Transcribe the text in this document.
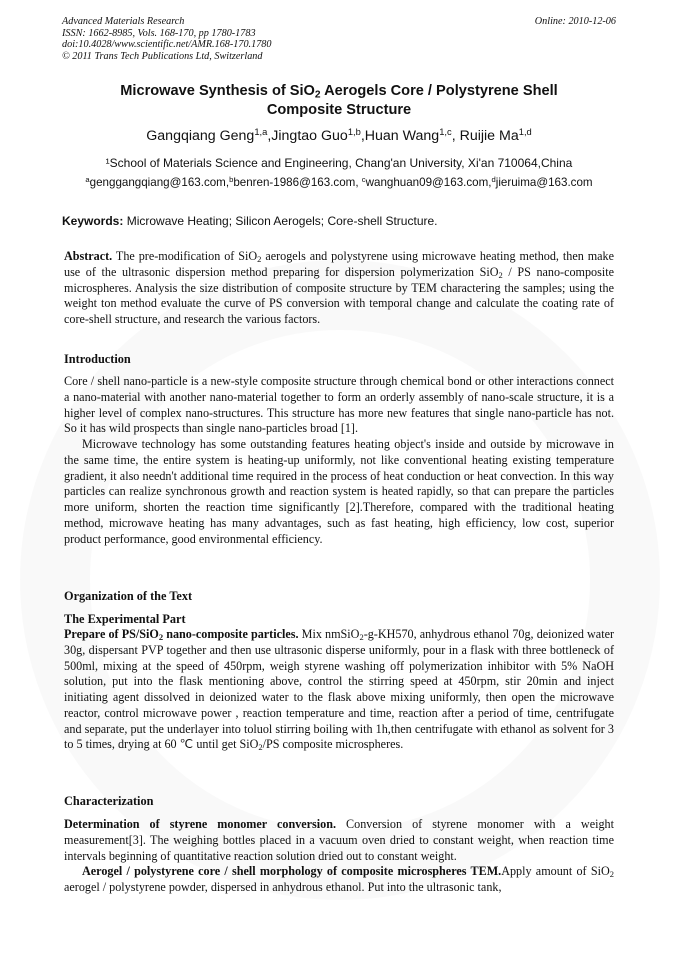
Advanced Materials Research
ISSN: 1662-8985, Vols. 168-170, pp 1780-1783
doi:10.4028/www.scientific.net/AMR.168-170.1780
© 2011 Trans Tech Publications Ltd, Switzerland
Online: 2010-12-06
Microwave Synthesis of SiO$_2$ Aerogels Core / Polystyrene Shell
Composite Structure
Gangqiang Geng$^{1,a}$,Jingtao Guo$^{1,b}$,Huan Wang$^{1,c}$, Ruijie Ma$^{1,d}$
¹School of Materials Science and Engineering, Chang'an University, Xi'an 710064,China
$^a$genggangqiang@163.com,$^b$benren-1986@163.com, $^c$wanghuan09@163.com,$^d$jieruima@163.com
Keywords: Microwave Heating; Silicon Aerogels; Core-shell Structure.

Abstract. The pre-modification of SiO$_2$ aerogels and polystyrene using microwave heating method, then make use of the ultrasonic dispersion method preparing for dispersion polymerization SiO$_2$ / PS nano-composite microspheres. Analysis the size distribution of composite structure by TEM charactering the samples; using the weight ton method evaluate the curve of PS conversion with temporal change and calculate the coating rate of core-shell structure, and research the various factors.

Introduction

Core / shell nano-particle is a new-style composite structure through chemical bond or other interactions connect a nano-material with another nano-material together to form an orderly assembly of nano-scale structure, it is a higher level of complex nano-structures. This structure has more new features that single nano-particle has not. So it has wild prospects than single nano-particles broad [1].

Microwave technology has some outstanding features heating object's inside and outside by microwave in the same time, the entire system is heating-up uniformly, not like conventional heating existing temperature gradient, it also needn't additional time required in the process of heat conduction or heat convection. In this way particles can realize synchronous growth and reaction system is heated rapidly, so that can prepare the particles more uniform, shorten the reaction time significantly [2].Therefore, compared with the traditional heating method, microwave heating has many advantages, such as fast heating, high efficiency, low cost, superior product performance, good environmental efficiency.

Organization of the Text
The Experimental Part

Prepare of PS/SiO$_2$ nano-composite particles. Mix nmSiO$_2$-g-KH570, anhydrous ethanol 70g, deionized water 30g, dispersant PVP together and then use ultrasonic disperse uniformly, pour in a flask with three bottleneck of 500ml, mixing at the speed of 450rpm, weigh styrene washing off polymerization inhibitor with 5% NaOH solution, put into the flask mentioning above, control the stirring speed at 450rpm, stir 20min and inject initiating agent dissolved in deionized water to the flask above mixing uniformly, then open the microwave reactor, control microwave power , reaction temperature and time, reaction after a period of time, centrifugate and separate, put the underlayer into toluol stirring boiling with 1h,then centrifugate with ethanol as solvent for 3 to 5 times, drying at 60 ℃ until get SiO$_2$/PS composite microspheres.

Characterization

Determination of styrene monomer conversion. Conversion of styrene monomer with a weight measurement[3]. The weighing bottles placed in a vacuum oven dried to constant weight, when reaction time intervals beginning of quantitative reaction solution dried out to constant weight.

Aerogel / polystyrene core / shell morphology of composite microspheres TEM.Apply amount of SiO$_2$ aerogel / polystyrene powder, dispersed in anhydrous ethanol. Put into the ultrasonic tank,
